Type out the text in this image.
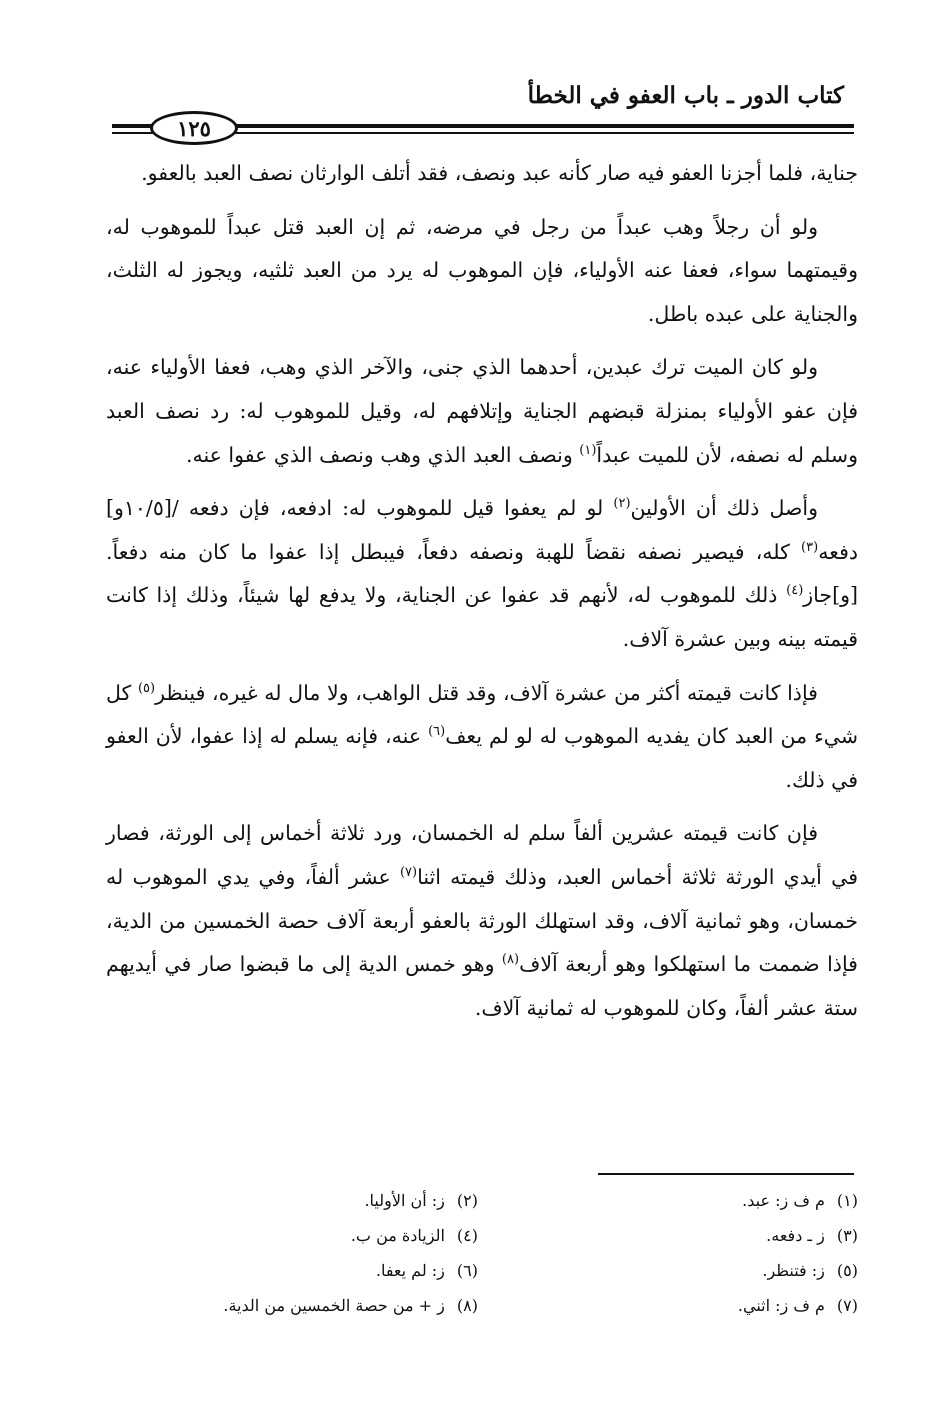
كتاب الدور ـ باب العفو في الخطأ
١٢٥

جناية، فلما أجزنا العفو فيه صار كأنه عبد ونصف، فقد أتلف الوارثان نصف العبد بالعفو.

ولو أن رجلاً وهب عبداً من رجل في مرضه، ثم إن العبد قتل عبداً للموهوب له، وقيمتهما سواء، فعفا عنه الأولياء، فإن الموهوب له يرد من العبد ثلثيه، ويجوز له الثلث، والجناية على عبده باطل.

ولو كان الميت ترك عبدين، أحدهما الذي جنى، والآخر الذي وهب، فعفا الأولياء عنه، فإن عفو الأولياء بمنزلة قبضهم الجناية وإتلافهم له، وقيل للموهوب له: رد نصف العبد وسلم له نصفه، لأن للميت عبداً$^{(١)}$ ونصف العبد الذي وهب ونصف الذي عفوا عنه.

وأصل ذلك أن الأولين$^{(٢)}$ لو لم يعفوا قيل للموهوب له: ادفعه، فإن دفعه /[١٠/٥و] دفعه$^{(٣)}$ كله، فيصير نصفه نقضاً للهبة ونصفه دفعاً، فيبطل إذا عفوا ما كان منه دفعاً. [و]جاز$^{(٤)}$ ذلك للموهوب له، لأنهم قد عفوا عن الجناية، ولا يدفع لها شيئاً، وذلك إذا كانت قيمته بينه وبين عشرة آلاف.

فإذا كانت قيمته أكثر من عشرة آلاف، وقد قتل الواهب، ولا مال له غيره، فينظر$^{(٥)}$ كل شيء من العبد كان يفديه الموهوب له لو لم يعف$^{(٦)}$ عنه، فإنه يسلم له إذا عفوا، لأن العفو في ذلك.

فإن كانت قيمته عشرين ألفاً سلم له الخمسان، ورد ثلاثة أخماس إلى الورثة، فصار في أيدي الورثة ثلاثة أخماس العبد، وذلك قيمته اثنا$^{(٧)}$ عشر ألفاً، وفي يدي الموهوب له خمسان، وهو ثمانية آلاف، وقد استهلك الورثة بالعفو أربعة آلاف حصة الخمسين من الدية، فإذا ضممت ما استهلكوا وهو أربعة آلاف$^{(٨)}$ وهو خمس الدية إلى ما قبضوا صار في أيديهم ستة عشر ألفاً، وكان للموهوب له ثمانية آلاف.

(١)م ف ز: عبد.
(٢)ز: أن الأوليا.
(٣)ز ـ دفعه.
(٤)الزيادة من ب.
(٥)ز: فتنظر.
(٦)ز: لم يعفا.
(٧)م ف ز: اثني.
(٨)ز + من حصة الخمسين من الدية.
